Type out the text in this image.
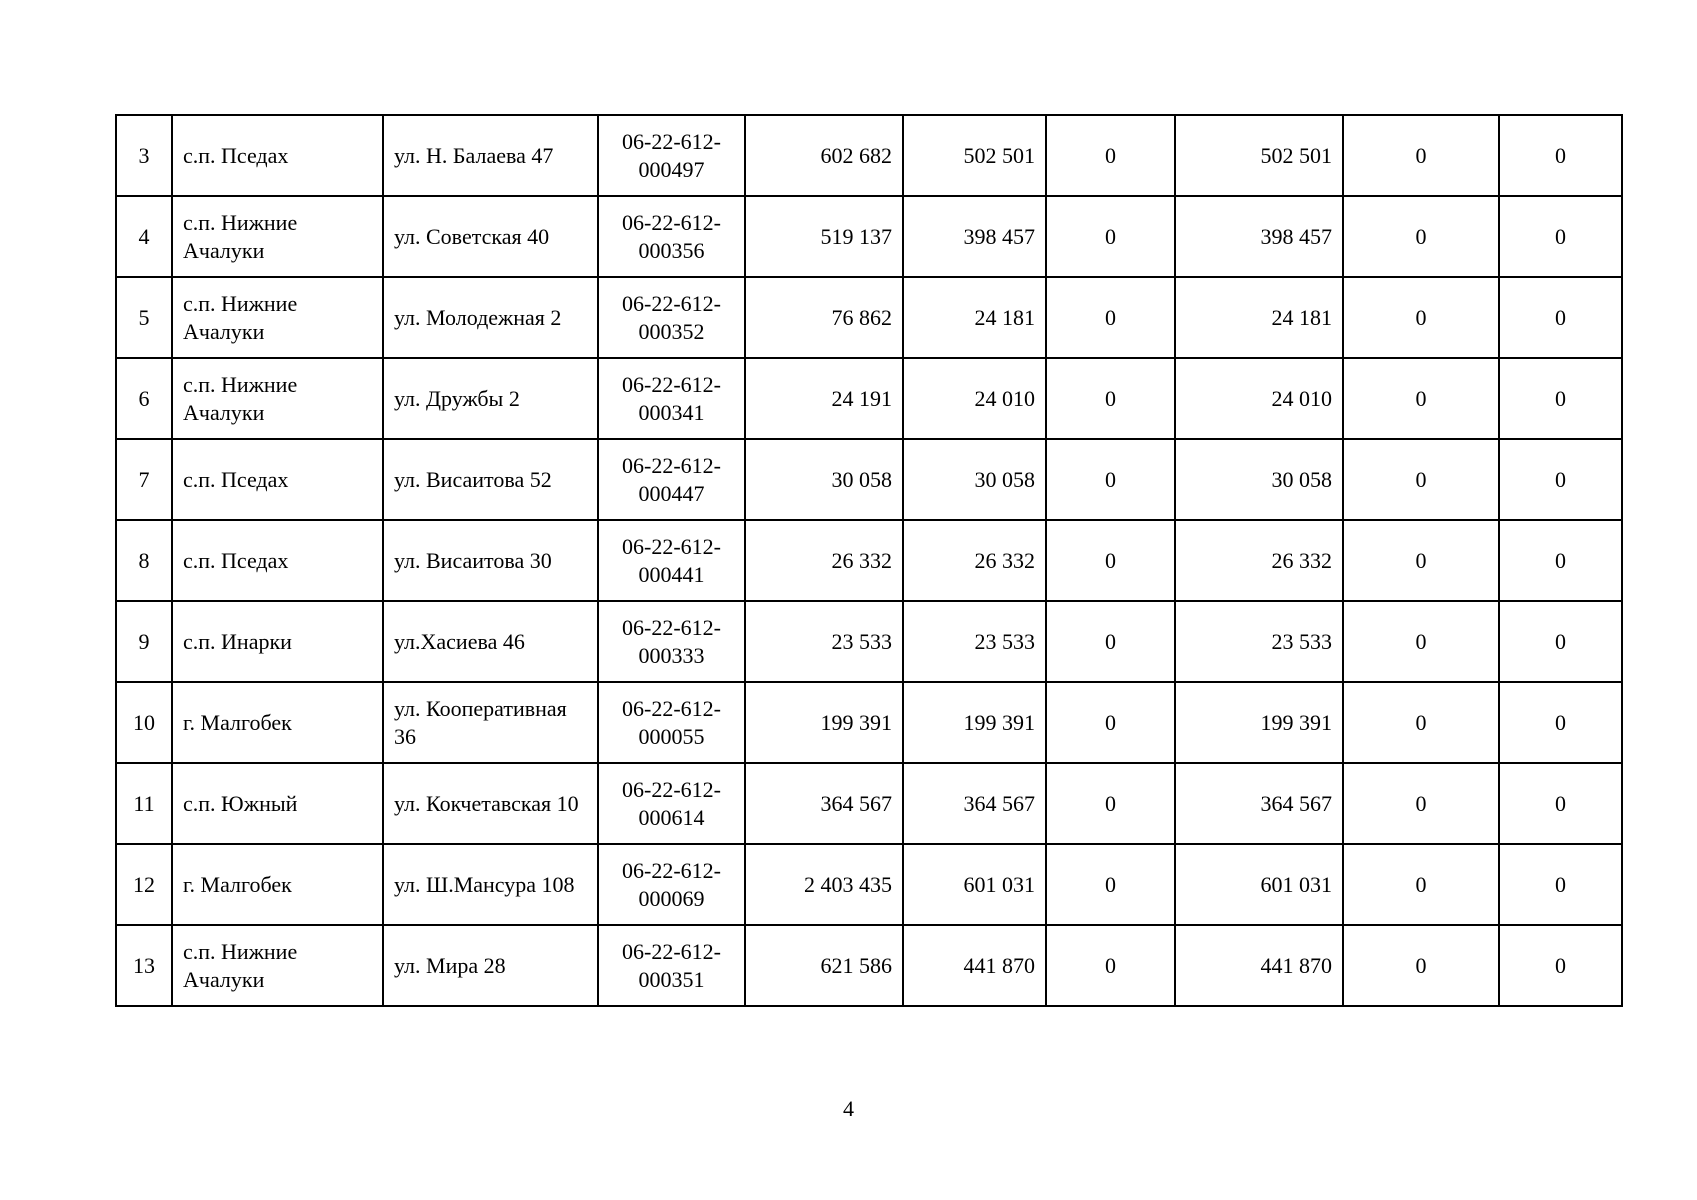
3	с.п. Пседах	ул. Н. Балаева 47	06-22-612-000497	602 682	502 501	0	502 501	0	0
4	с.п. Нижние Ачалуки	ул. Советская 40	06-22-612-000356	519 137	398 457	0	398 457	0	0
5	с.п. Нижние Ачалуки	ул. Молодежная 2	06-22-612-000352	76 862	24 181	0	24 181	0	0
6	с.п. Нижние Ачалуки	ул. Дружбы 2	06-22-612-000341	24 191	24 010	0	24 010	0	0
7	с.п. Пседах	ул. Висаитова 52	06-22-612-000447	30 058	30 058	0	30 058	0	0
8	с.п. Пседах	ул. Висаитова 30	06-22-612-000441	26 332	26 332	0	26 332	0	0
9	с.п. Инарки	ул.Хасиева 46	06-22-612-000333	23 533	23 533	0	23 533	0	0
10	г. Малгобек	ул. Кооперативная 36	06-22-612-000055	199 391	199 391	0	199 391	0	0
11	с.п. Южный	ул. Кокчетавская 10	06-22-612-000614	364 567	364 567	0	364 567	0	0
12	г. Малгобек	ул. Ш.Мансура 108	06-22-612-000069	2 403 435	601 031	0	601 031	0	0
13	с.п. Нижние Ачалуки	ул. Мира 28	06-22-612-000351	621 586	441 870	0	441 870	0	0
4
